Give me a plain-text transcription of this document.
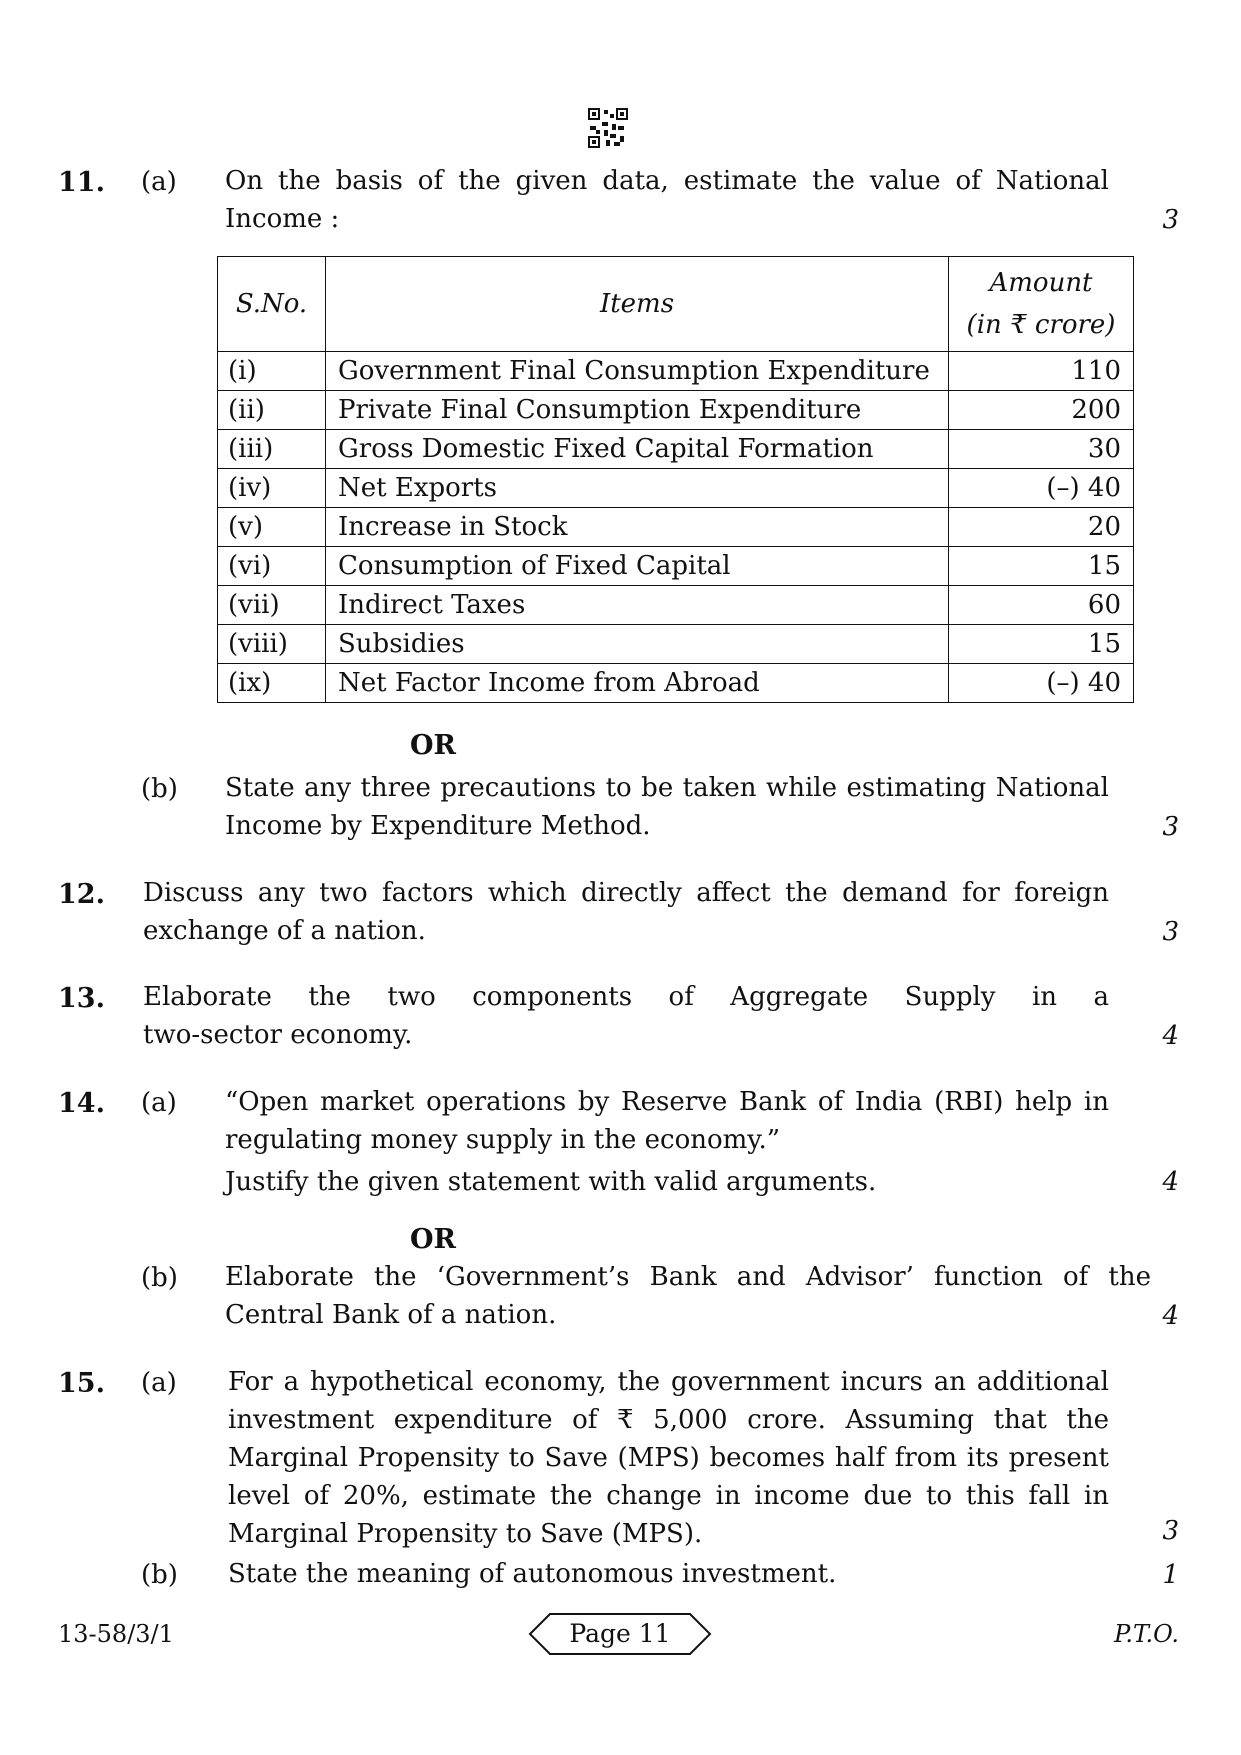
11. (a) On the basis of the given data, estimate the value of National
Income :	3
S.No.	Items	Amount
(in ₹ crore)

(i)	Government Final Consumption Expenditure	110
(ii)	Private Final Consumption Expenditure	200
(iii)	Gross Domestic Fixed Capital Formation	30
(iv)	Net Exports	(–) 40
(v)	Increase in Stock	20
(vi)	Consumption of Fixed Capital	15
(vii)	Indirect Taxes	60
(viii)	Subsidies	15
(ix)	Net Factor Income from Abroad	(–) 40
OR
(b) State any three precautions to be taken while estimating National
Income by Expenditure Method.	3
12. Discuss any two factors which directly affect the demand for foreign
exchange of a nation.	3
13. Elaborate the two components of Aggregate Supply in a
two-sector economy.	4
14. (a) “Open market operations by Reserve Bank of India (RBI) help in
regulating money supply in the economy.”
Justify the given statement with valid arguments.	4
OR
(b) Elaborate the ‘Government’s Bank and Advisor’ function of the
Central Bank of a nation.	4
15. (a) For a hypothetical economy, the government incurs an additional
investment expenditure of ₹ 5,000 crore. Assuming that the
Marginal Propensity to Save (MPS) becomes half from its present
level of 20%, estimate the change in income due to this fall in
Marginal Propensity to Save (MPS).	3
(b) State the meaning of autonomous investment.	1
13-58/3/1	Page 11	P.T.O.
